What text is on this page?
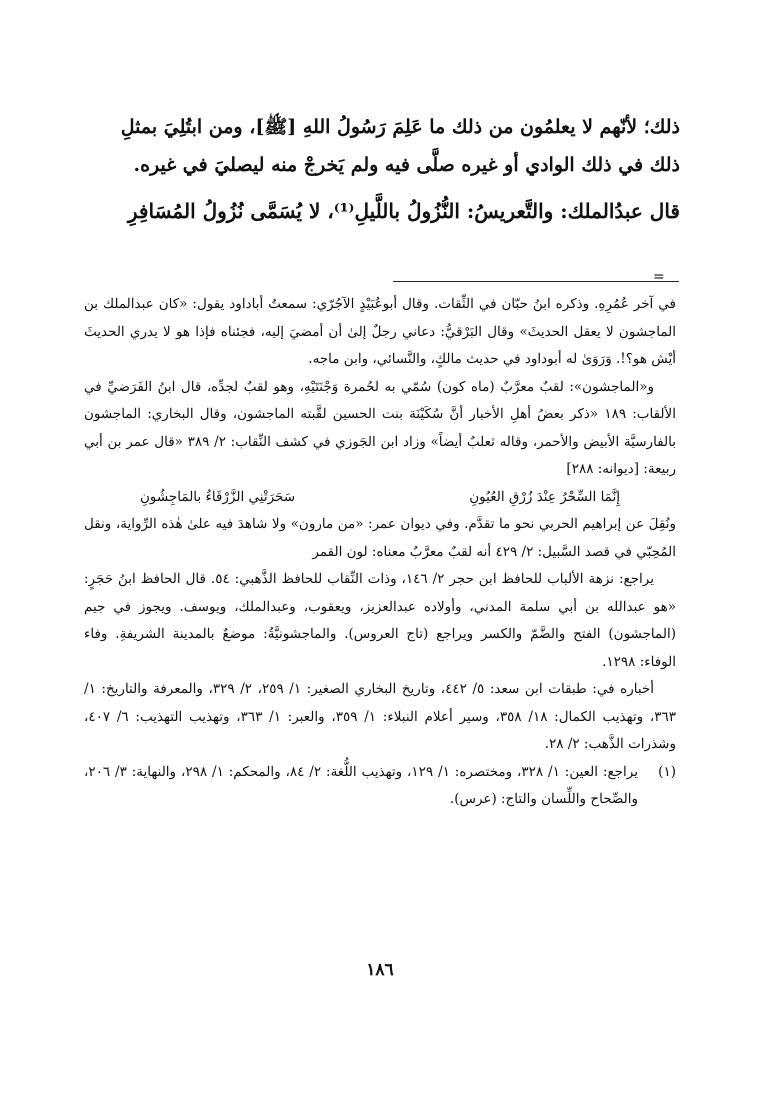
ذلك؛ لأنّهم لا يعلمُون من ذلك ما عَلِمَ رَسُولُ اللهِ [ﷺ]، ومن ابتُلِيَ بمثلِ
ذلك في ذلك الوادي أو غيره صلَّى فيه ولم يَخرجْ منه ليصليَ في غيره.

قال عبدُالملك: والتَّعريسُ: النُّزُولُ باللَّيلِ⁽¹⁾، لا يُسَمَّى نُزُولُ المُسَافِرِ

=

في آخر عُمُرِهِ. وذكره ابنُ حبّان في الثِّقات. وقال أبوعُبَيْدٍ الآجُرّي: سمعتُ أباداود يقول: «كان عبدالملك بن الماجشون لا يعقل الحديثَ» وقال البَرْقيُّ: دعاني رجلٌ إلىٰ أن أمضيَ إليه، فجئناه فإذا هو لا يدري الحديثَ أيْش هو؟!. وَرَوَىٰ له أبوداود في حديث مالكٍ، والنَّسائي، وابن ماجه.

و«الماجشون»: لقبٌ معرَّبٌ (ماه كون) سُمّي به لحُمرة وَجْنَتَيْهِ، وهو لقبٌ لجدِّه، قال ابنُ الفَرَضيِّ في الألقاب: ١٨٩ «ذكر بعضُ أهلِ الأخبار أنَّ سُكَيْنَة بنت الحسين لقَّبته الماجشون، وقال البخاري: الماجشون بالفارسيَّة الأبيض والأحمر، وقاله ثعلبٌ أيضاً» وزاد ابن الجَوزي في كشف النِّقاب: ٢/ ٣٨٩ «قال عمر بن أبي ربيعة: [ديوانه: ٢٨٨]

سَحَرَتْنِي الزَّرْقَاءُ بالمَاجِشُونِ	إِنَّمَا السِّحْرُ عِنْدَ زُرْقِ العُيُونِ

ونُقِلَ عن إبراهيم الحربي نحو ما تقدَّم. وفي ديوان عمر: «من مارون» ولا شاهدَ فيه علىٰ هٰذه الرِّواية، ونقل المُحِبّي في قصد السَّبيل: ٢/ ٤٢٩ أنه لقبٌ معرَّبٌ معناه: لون القمر

يراجع: نزهة الألباب للحافظ ابن حجر ٢/ ١٤٦، وذات النِّقاب للحافظ الذَّهبي: ٥٤. قال الحافظ ابنُ حَجَرٍ: «هو عبدالله بن أبي سلمة المدني، وأولاده عبدالعزيز، ويعقوب، وعبدالملك، ويوسف. ويجوز في جيم (الماجشون) الفتح والضَّمّ والكسر ويراجع (تاج العروس). والماجشونيَّةُ: موضعٌ بالمدينة الشريفةِ. وفاء الوفاء: ١٢٩٨.

أخباره في: طبقات ابن سعد: ٥/ ٤٤٢، وتاريخ البخاري الصغير: ١/ ٢٥٩، ٢/ ٣٢٩، والمعرفة والتاريخ: ١/ ٣٦٣، وتهذيب الكمال: ١٨/ ٣٥٨، وسير أعلام النبلاء: ١/ ٣٥٩، والعبر: ١/ ٣٦٣، وتهذيب التهذيب: ٦/ ٤٠٧، وشذرات الذَّهب: ٢/ ٢٨.

(١)
يراجع: العين: ١/ ٣٢٨، ومختصره: ١/ ١٢٩، وتهذيب اللُّغة: ٢/ ٨٤، والمحكم: ١/ ٢٩٨، والنهاية: ٣/ ٢٠٦، والصِّحاح واللِّسان والتاج: (عرس).
١٨٦
